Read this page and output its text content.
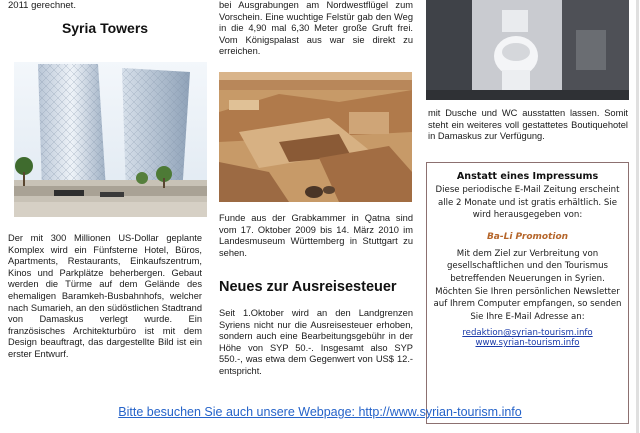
2011 gerechnet.

Syria Towers

Der mit 300 Millionen US-Dollar geplante Komplex wird ein Fünfsterne Hotel, Büros, Apartments, Restaurants, Einkaufszentrum, Kinos und Parkplätze beherbergen. Gebaut werden die Türme auf dem Gelände des ehemaligen Baramkeh-Busbahnhofs, welcher nach Sumarieh, an den südöstlichen Stadtrand von Damaskus verlegt wurde. Ein französisches Architekturbüro ist mit dem Design beauftragt, das dargestellte Bild ist ein erster Entwurf.

bei Ausgrabungen am Nordwestflügel zum Vorschein. Eine wuchtige Felstür gab den Weg in die 4,90 mal 6,30 Meter große Gruft frei. Vom Königspalast aus war sie direkt zu erreichen.

Funde aus der Grabkammer in Qatna sind vom 17. Oktober 2009 bis 14. März 2010 im Landesmuseum Württemberg in Stuttgart zu sehen.

Neues zur Ausreisesteuer

Seit 1.Oktober wird an den Landgrenzen Syriens nicht nur die Ausreisesteuer erhoben, sondern auch eine Bearbeitungsgebühr in der Höhe von SYP 50.-. Insgesamt also SYP 550.-, was etwa dem Gegenwert von US$ 12.- entspricht.

mit Dusche und WC ausstatten lassen. Somit steht ein weiteres voll gestattetes Boutiquehotel in Damaskus zur Verfügung.

Anstatt eines Impressums
Diese periodische E-Mail Zeitung erscheint alle 2 Monate und ist gratis erhältlich. Sie wird herausgegeben von:
Ba-Li Promotion
Mit dem Ziel zur Verbreitung von gesellschaftlichen und den Tourismus betreffenden Neuerungen in Syrien. Möchten Sie Ihren persönlichen Newsletter auf Ihrem Computer empfangen, so senden Sie Ihre E-Mail Adresse an:
redaktion@syrian-tourism.info
www.syrian-tourism.info
Bitte besuchen Sie auch unsere Webpage: http://www.syrian-tourism.info
